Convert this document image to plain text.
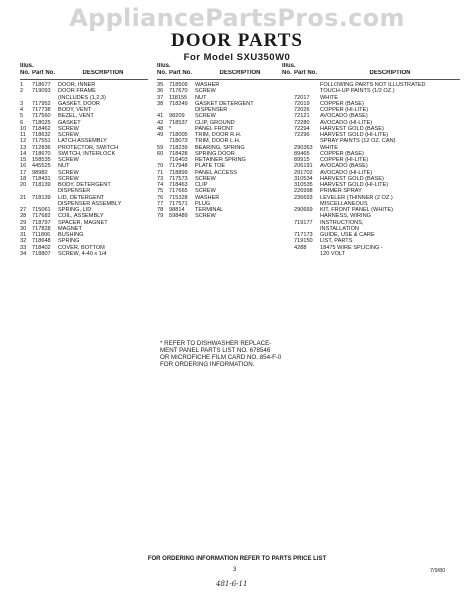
AppliancePartsPros.com
DOOR PARTS
For Model SXU350W0
Illus.
No. Part No.	DESCRIPTION
1	718677	DOOR, INNER
2	719093	DOOR FRAME
(INCLUDES (1,2,3)
3	717952	GASKET, DOOR
4	717738	BODY, VENT
5	717560	BEZEL, VENT
6	718025	GASKET
10	718462	SCREW
11	718632	SCREW
12	717551	LATCH ASSEMBLY
13	712836	PROTECTOR, SWITCH
14	718670	SWITCH, INTERLOCK
15	158535	SCREW
16	445525	NUT
17	98982	SCREW
18	718431	SCREW
20	718139	BODY, DETERGENT
DISPENSER
21	718139	LID, DETERGENT
DISPENSER ASSEMBLY
27	715061	SPRING, LID
28	717682	COIL, ASSEMBLY
29	718797	SPACER, MAGNET
30	717828	MAGNET
31	711806	BUSHING
32	718648	SPRING
33	718402	COVER, BOTTOM
34	718807	SCREW, 4-40 x 1/4
Illus.
No. Part No.	DESCRIPTION
35	718509	WASHER
36	717670	SCREW
37	118155	NUT
38	718249	GASKET DETERGENT
DISPENSER
41	98209	SCREW
42	718537	CLIP, GROUND
48	*	PANEL FRONT
49	718005	TRIM, DOOR R.H.
718073	TRIM, DOOR L.H.
59	718239	BEARING, SPRING
60	718428	SPRING DOOR
716403	RETAINER SPRING
70	717948	PLATE TOE
71	718899	PANEL ACCESS
73	717573	SCREW
74	718463	CLIP
75	717665	SCREW
76	715328	WASHER
77	717571	PLUG
78	98814	TERMINAL
79	598489	SCREW
Illus.
No. Part No.	DESCRIPTION
FOLLOWING PARTS NOT ILLUSTRATED
TOUCH-UP PAINTS (1/2 OZ.)
72017	WHITE
72019	COPPER (BASE)
72026	COPPER (HI-LITE)
72121	AVOCADO (BASE)
72280	AVOCADO (HI-LITE)
72294	HARVEST GOLD (BASE)
72296	HARVEST GOLD (HI-LITE)
SPRAY PAINTS (12 OZ. CAN)
290363	WHITE
89465	COPPER (BASE)
89915	COPPER (HI-LITE)
206191	AVOCADO (BASE)
291702	AVOCADO (HI-LITE)
310534	HARVEST GOLD (BASE)
310535	HARVEST GOLD (HI-LITE)
226998	PRIMER SPRAY
236693	LEVELER (THINNER (2 OZ.)
MISCELLANEOUS
290669	KIT, FRONT PANEL (WHITE)
HARNESS, WIRING
719177	INSTRUCTIONS,
INSTALLATION
717173	GUIDE, USE & CARE
719150	LIST, PARTS
4288	18475 WIRE SPLICING -
120 VOLT
* REFER TO DISHWASHER REPLACE-
MENT PANEL PARTS LIST NO. 678546
OR MICROFICHE FILM CARD NO. 854-F-0
FOR ORDERING INFORMATION.
FOR ORDERING INFORMATION REFER TO PARTS PRICE LIST
3	7/9/80
481-6-11
